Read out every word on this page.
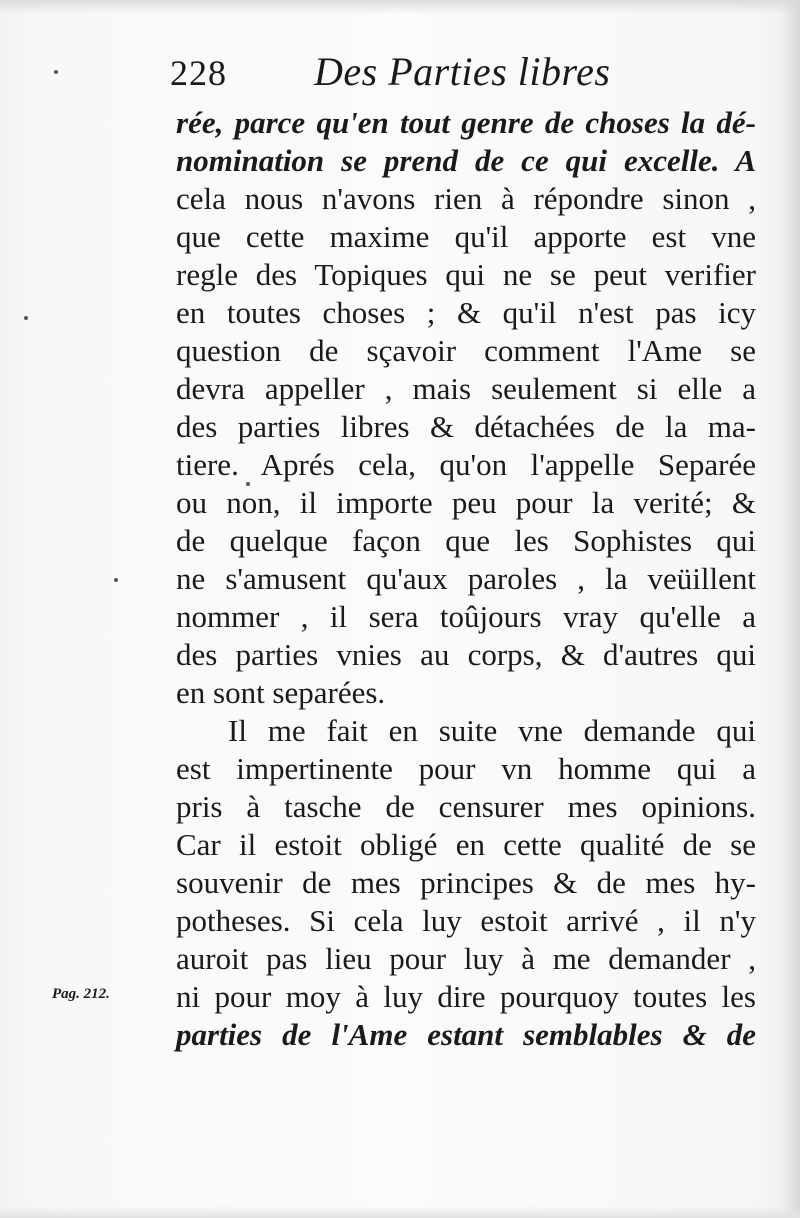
228 Des Parties libres
rée, parce qu'en tout genre de choses la dé-
nomination se prend de ce qui excelle. A
cela nous n'avons rien à répondre sinon ,
que cette maxime qu'il apporte est vne
regle des Topiques qui ne se peut verifier
en toutes choses ; & qu'il n'est pas icy
question de sçavoir comment l'Ame se
devra appeller , mais seulement si elle a
des parties libres & détachées de la ma-
tiere. Aprés cela, qu'on l'appelle Separée
ou non, il importe peu pour la verité; &
de quelque façon que les Sophistes qui
ne s'amusent qu'aux paroles , la veüillent
nommer , il sera toûjours vray qu'elle a
des parties vnies au corps, & d'autres qui
en sont separées.
Il me fait en suite vne demande qui
est impertinente pour vn homme qui a
pris à tasche de censurer mes opinions.
Car il estoit obligé en cette qualité de se
souvenir de mes principes & de mes hy-
potheses. Si cela luy estoit arrivé , il n'y
auroit pas lieu pour luy à me demander ,
ni pour moy à luy dire pourquoy toutes les
parties de l'Ame estant semblables & de
Pag. 212.
